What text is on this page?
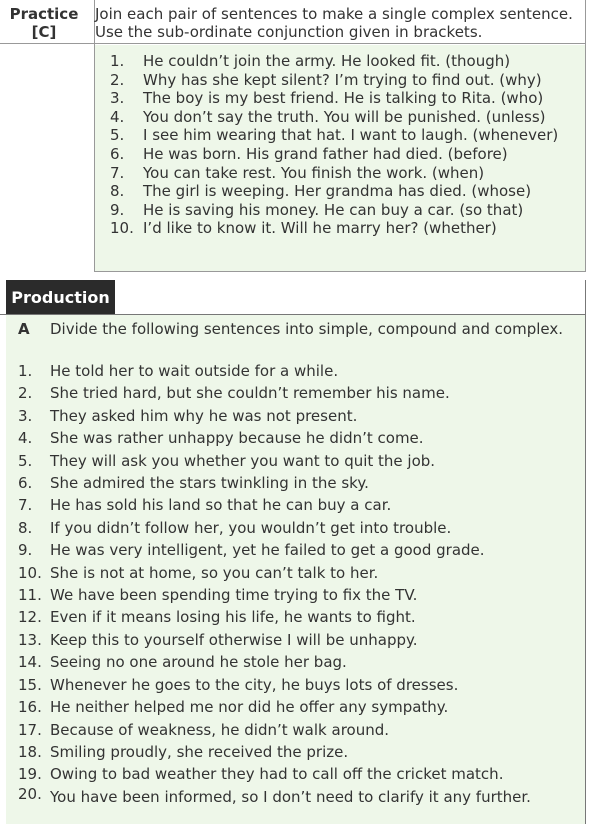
Practice
[C]
Join each pair of sentences to make a single complex sentence. Use the sub-ordinate conjunction given in brackets.
1. He couldn’t join the army. He looked fit. (though)
2. Why has she kept silent? I’m trying to find out. (why)
3. The boy is my best friend. He is talking to Rita. (who)
4. You don’t say the truth. You will be punished. (unless)
5. I see him wearing that hat. I want to laugh. (whenever)
6. He was born. His grand father had died. (before)
7. You can take rest. You finish the work. (when)
8. The girl is weeping. Her grandma has died. (whose)
9. He is saving his money. He can buy a car. (so that)
10. I’d like to know it. Will he marry her? (whether)
Production
A	Divide the following sentences into simple, compound and complex.
1. He told her to wait outside for a while.
2. She tried hard, but she couldn’t remember his name.
3. They asked him why he was not present.
4. She was rather unhappy because he didn’t come.
5. They will ask you whether you want to quit the job.
6. She admired the stars twinkling in the sky.
7. He has sold his land so that he can buy a car.
8. If you didn’t follow her, you wouldn’t get into trouble.
9. He was very intelligent, yet he failed to get a good grade.
10. She is not at home, so you can’t talk to her.
11. We have been spending time trying to fix the TV.
12. Even if it means losing his life, he wants to fight.
13. Keep this to yourself otherwise I will be unhappy.
14. Seeing no one around he stole her bag.
15. Whenever he goes to the city, he buys lots of dresses.
16. He neither helped me nor did he offer any sympathy.
17. Because of weakness, he didn’t walk around.
18. Smiling proudly, she received the prize.
19. Owing to bad weather they had to call off the cricket match.
20. You have been informed, so I don’t need to clarify it any further.
